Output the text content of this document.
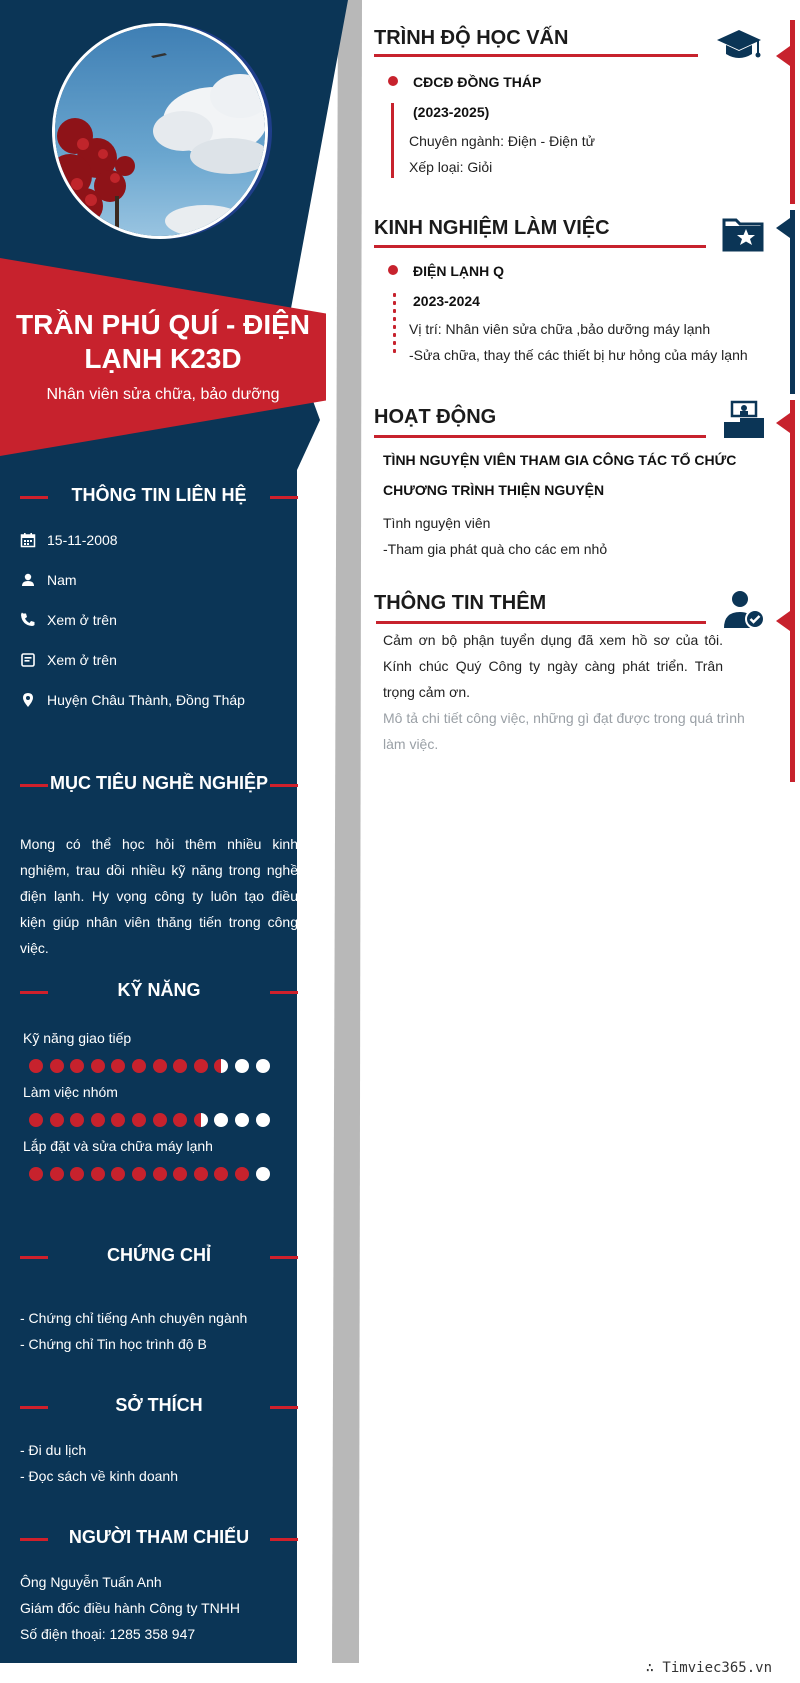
TRẦN PHÚ QUÍ - ĐIỆN LẠNH K23D
Nhân viên sửa chữa, bảo dưỡng
THÔNG TIN LIÊN HỆ
15-11-2008
Nam
Xem ở trên
Xem ở trên
Huyện Châu Thành, Đồng Tháp
MỤC TIÊU NGHỀ NGHIỆP
Mong có thể học hỏi thêm nhiều kinh nghiệm, trau dồi nhiều kỹ năng trong nghề điện lạnh. Hy vọng công ty luôn tạo điều kiện giúp nhân viên thăng tiến trong công việc.
KỸ NĂNG
Kỹ năng giao tiếp
Làm việc nhóm
Lắp đặt và sửa chữa máy lạnh
CHỨNG CHỈ
- Chứng chỉ tiếng Anh chuyên ngành
- Chứng chỉ Tin học trình độ B
SỞ THÍCH
- Đi du lịch
- Đọc sách về kinh doanh
NGƯỜI THAM CHIẾU
Ông Nguyễn Tuấn Anh
Giám đốc điều hành Công ty TNHH
Số điện thoại: 1285 358 947
TRÌNH ĐỘ HỌC VẤN
CĐCĐ ĐỒNG THÁP
(2023-2025)
Chuyên ngành: Điện - Điện tử
Xếp loại: Giỏi
KINH NGHIỆM LÀM VIỆC
ĐIỆN LẠNH Q
2023-2024
Vị trí: Nhân viên sửa chữa ,bảo dưỡng máy lạnh
-Sửa chữa, thay thế các thiết bị hư hỏng của máy lạnh
HOẠT ĐỘNG
TÌNH NGUYỆN VIÊN THAM GIA CÔNG TÁC TỔ CHỨC
CHƯƠNG TRÌNH THIỆN NGUYỆN
Tình nguyện viên
-Tham gia phát quà cho các em nhỏ
THÔNG TIN THÊM
Cảm ơn bộ phận tuyển dụng đã xem hồ sơ của tôi. Kính chúc Quý Công ty ngày càng phát triển. Trân trọng cảm ơn.
Mô tả chi tiết công việc, những gì đạt được trong quá trình làm việc.
∴ Timviec365.vn
